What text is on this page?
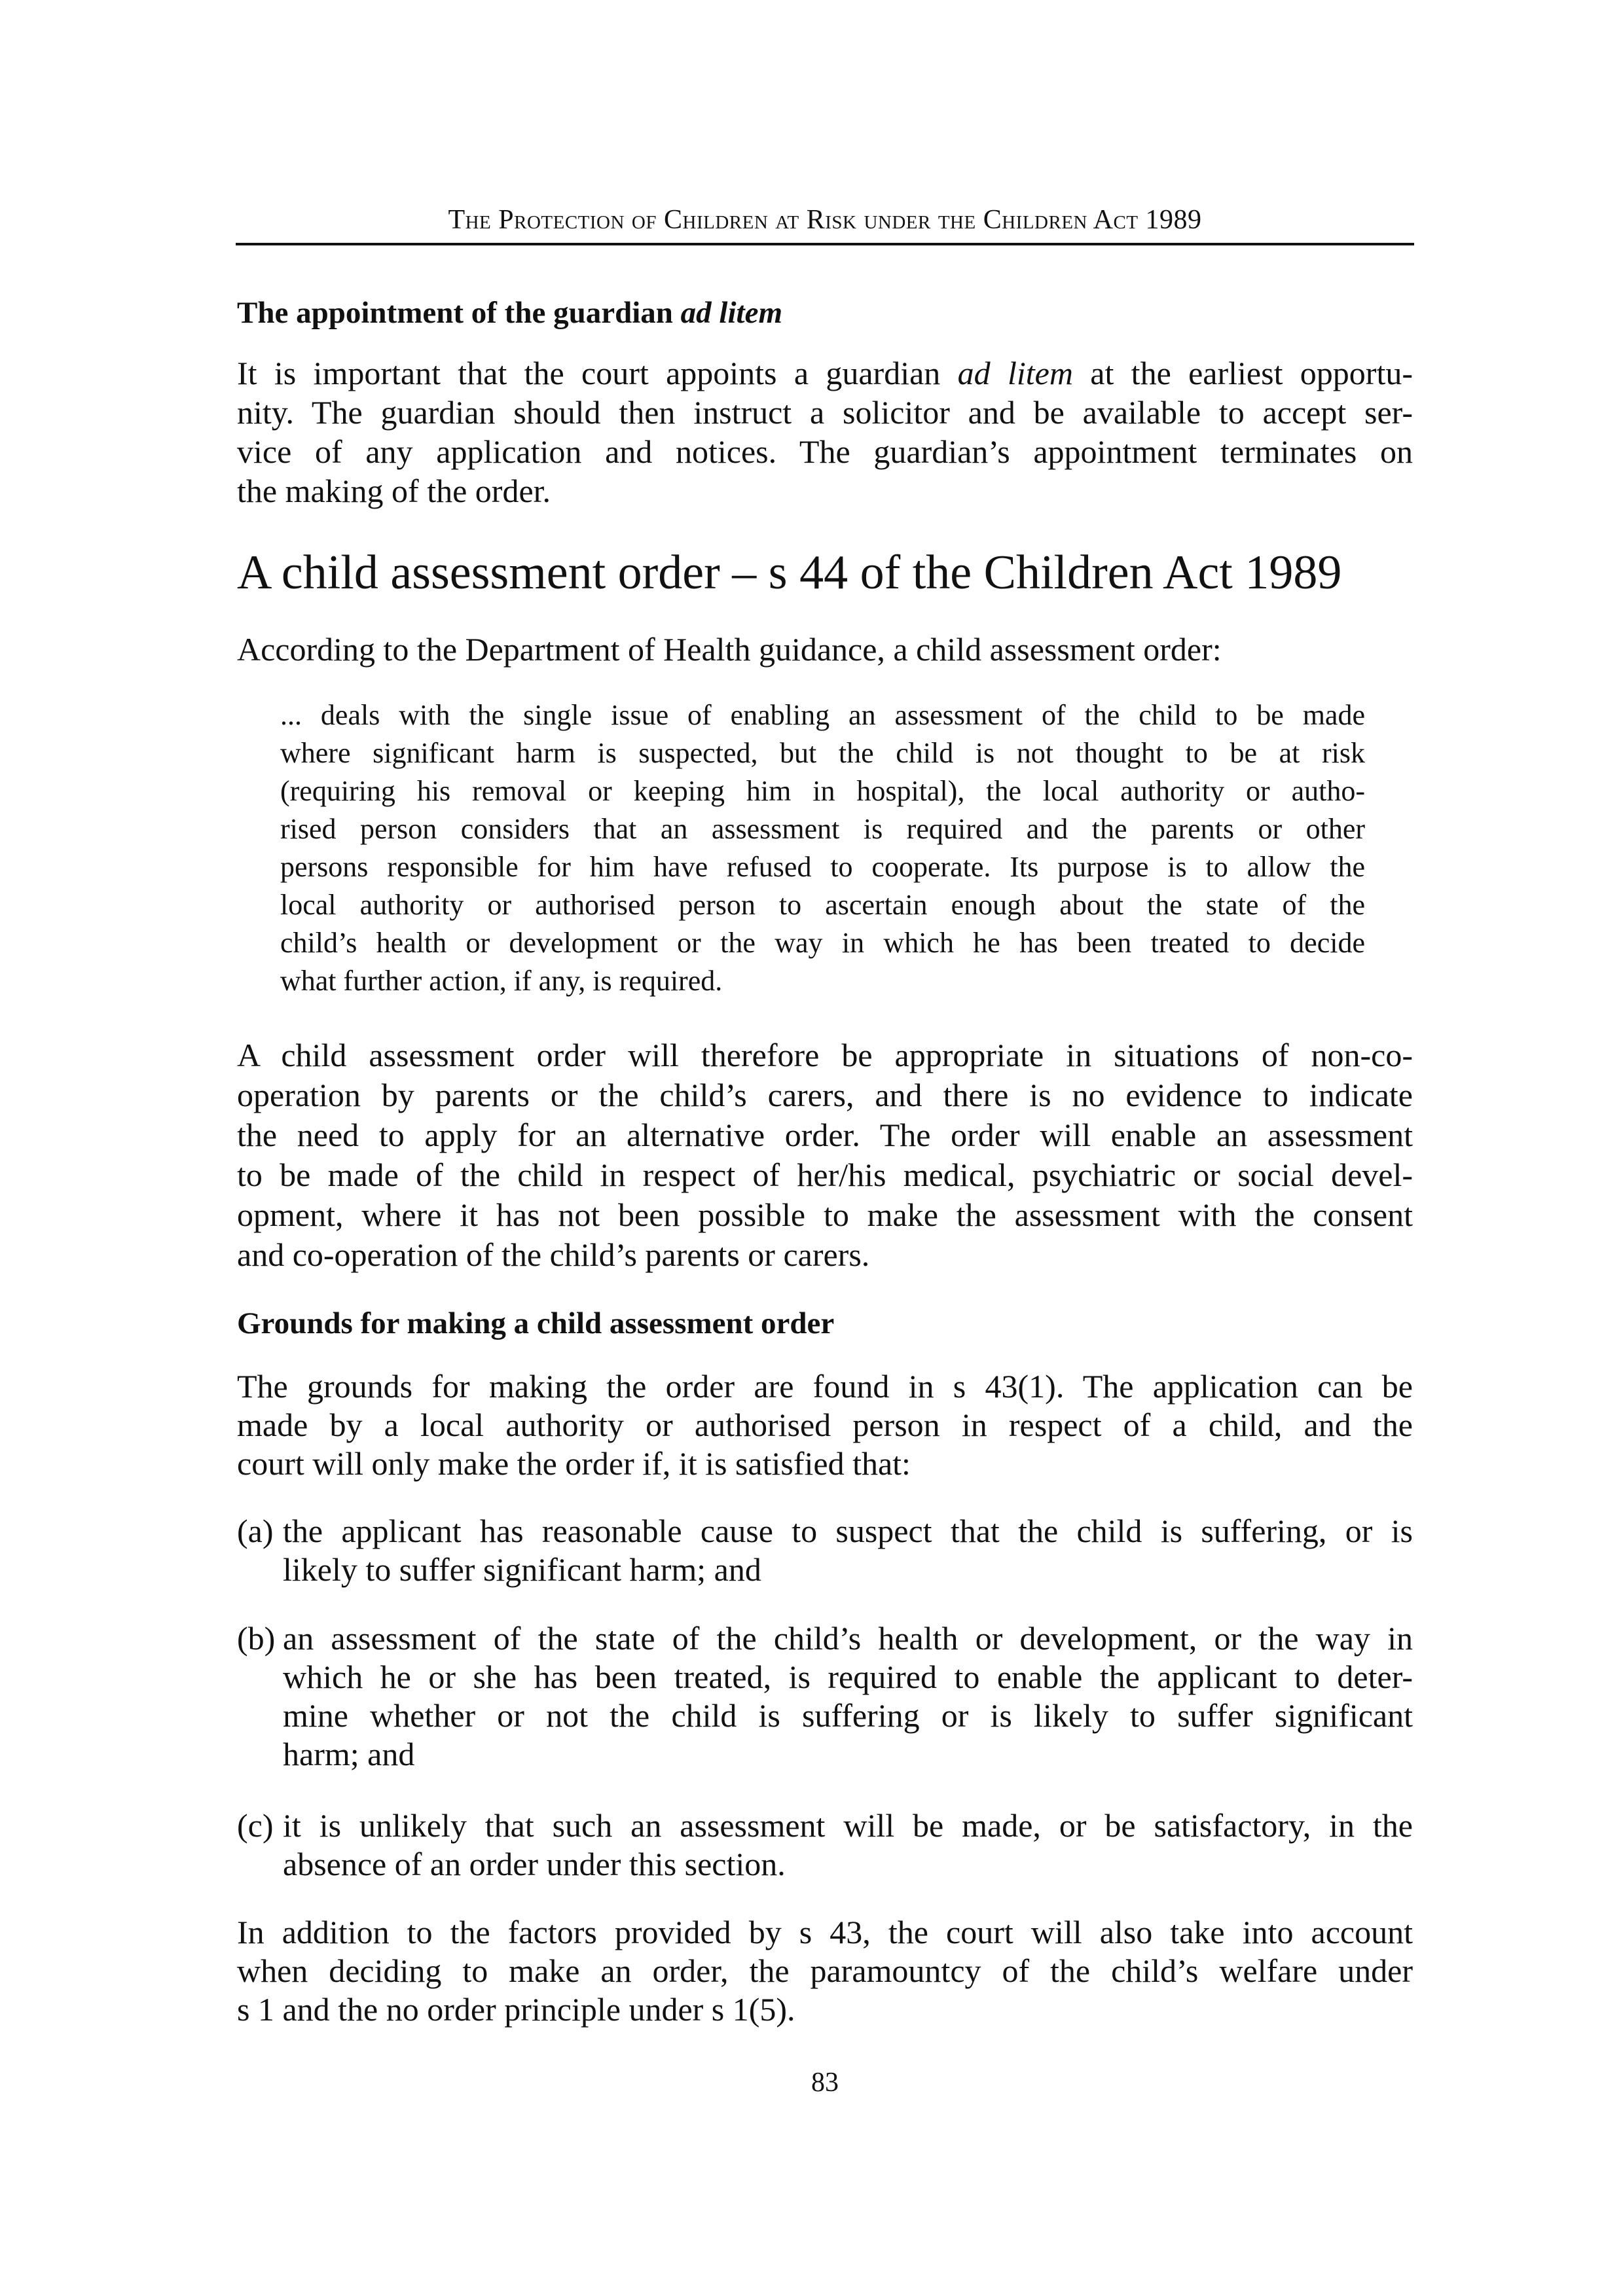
The Protection of Children at Risk under the Children Act 1989
The appointment of the guardian ad litem
It is important that the court appoints a guardian ad litem at the earliest opportu-
nity. The guardian should then instruct a solicitor and be available to accept ser-
vice of any application and notices. The guardian’s appointment terminates on
the making of the order.
A child assessment order – s 44 of the Children Act 1989
According to the Department of Health guidance, a child assessment order:
... deals with the single issue of enabling an assessment of the child to be made
where significant harm is suspected, but the child is not thought to be at risk
(requiring his removal or keeping him in hospital), the local authority or autho-
rised person considers that an assessment is required and the parents or other
persons responsible for him have refused to cooperate. Its purpose is to allow the
local authority or authorised person to ascertain enough about the state of the
child’s health or development or the way in which he has been treated to decide
what further action, if any, is required.
A child assessment order will therefore be appropriate in situations of non-co-
operation by parents or the child’s carers, and there is no evidence to indicate
the need to apply for an alternative order. The order will enable an assessment
to be made of the child in respect of her/his medical, psychiatric or social devel-
opment, where it has not been possible to make the assessment with the consent
and co-operation of the child’s parents or carers.
Grounds for making a child assessment order
The grounds for making the order are found in s 43(1). The application can be
made by a local authority or authorised person in respect of a child, and the
court will only make the order if, it is satisfied that:
(a) the applicant has reasonable cause to suspect that the child is suffering, or is
likely to suffer significant harm; and
(b) an assessment of the state of the child’s health or development, or the way in
which he or she has been treated, is required to enable the applicant to deter-
mine whether or not the child is suffering or is likely to suffer significant
harm; and
(c) it is unlikely that such an assessment will be made, or be satisfactory, in the
absence of an order under this section.
In addition to the factors provided by s 43, the court will also take into account
when deciding to make an order, the paramountcy of the child’s welfare under
s 1 and the no order principle under s 1(5).
83
